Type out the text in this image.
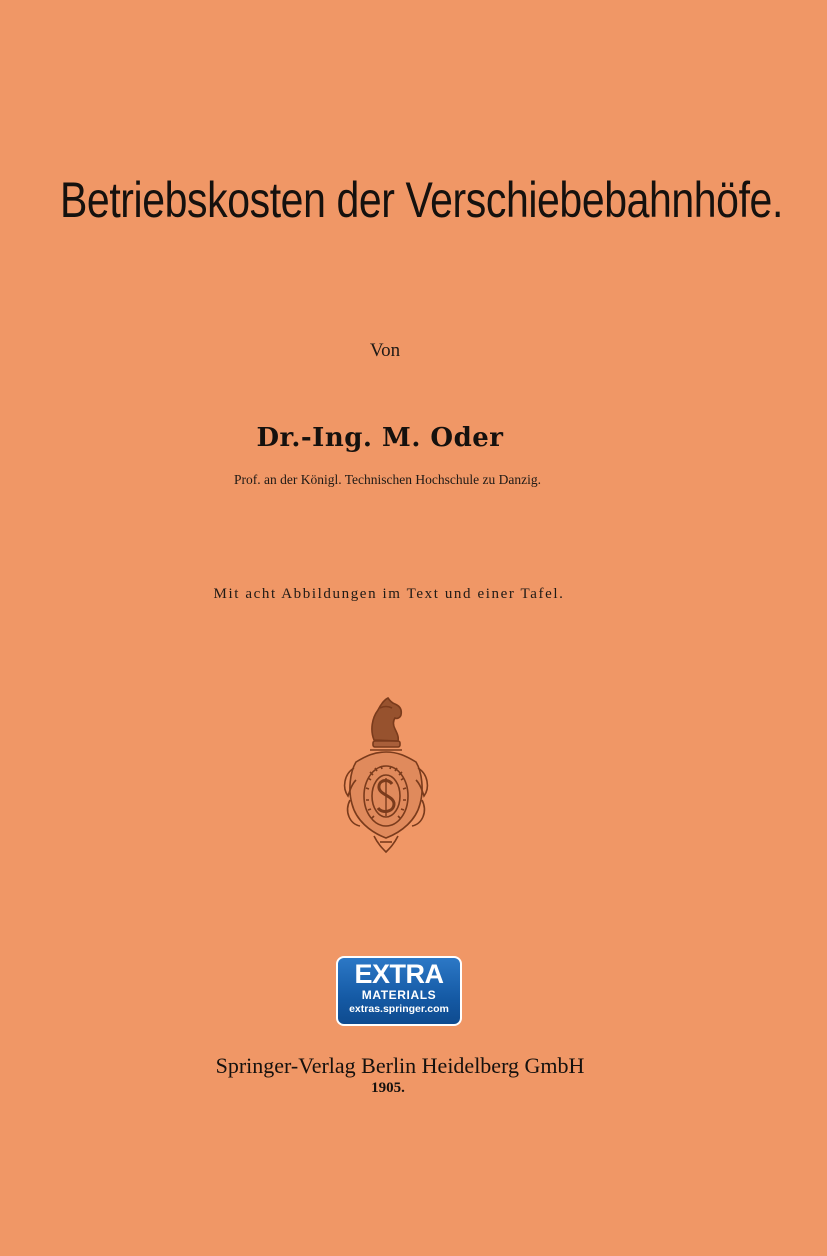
Betriebskosten der Verschiebebahnhöfe.
Von
Dr.-Ing. M. Oder
Prof. an der Königl. Technischen Hochschule zu Danzig.
Mit acht Abbildungen im Text und einer Tafel.
EXTRA
MATERIALS
extras.springer.com
Springer-Verlag Berlin Heidelberg GmbH
1905.
